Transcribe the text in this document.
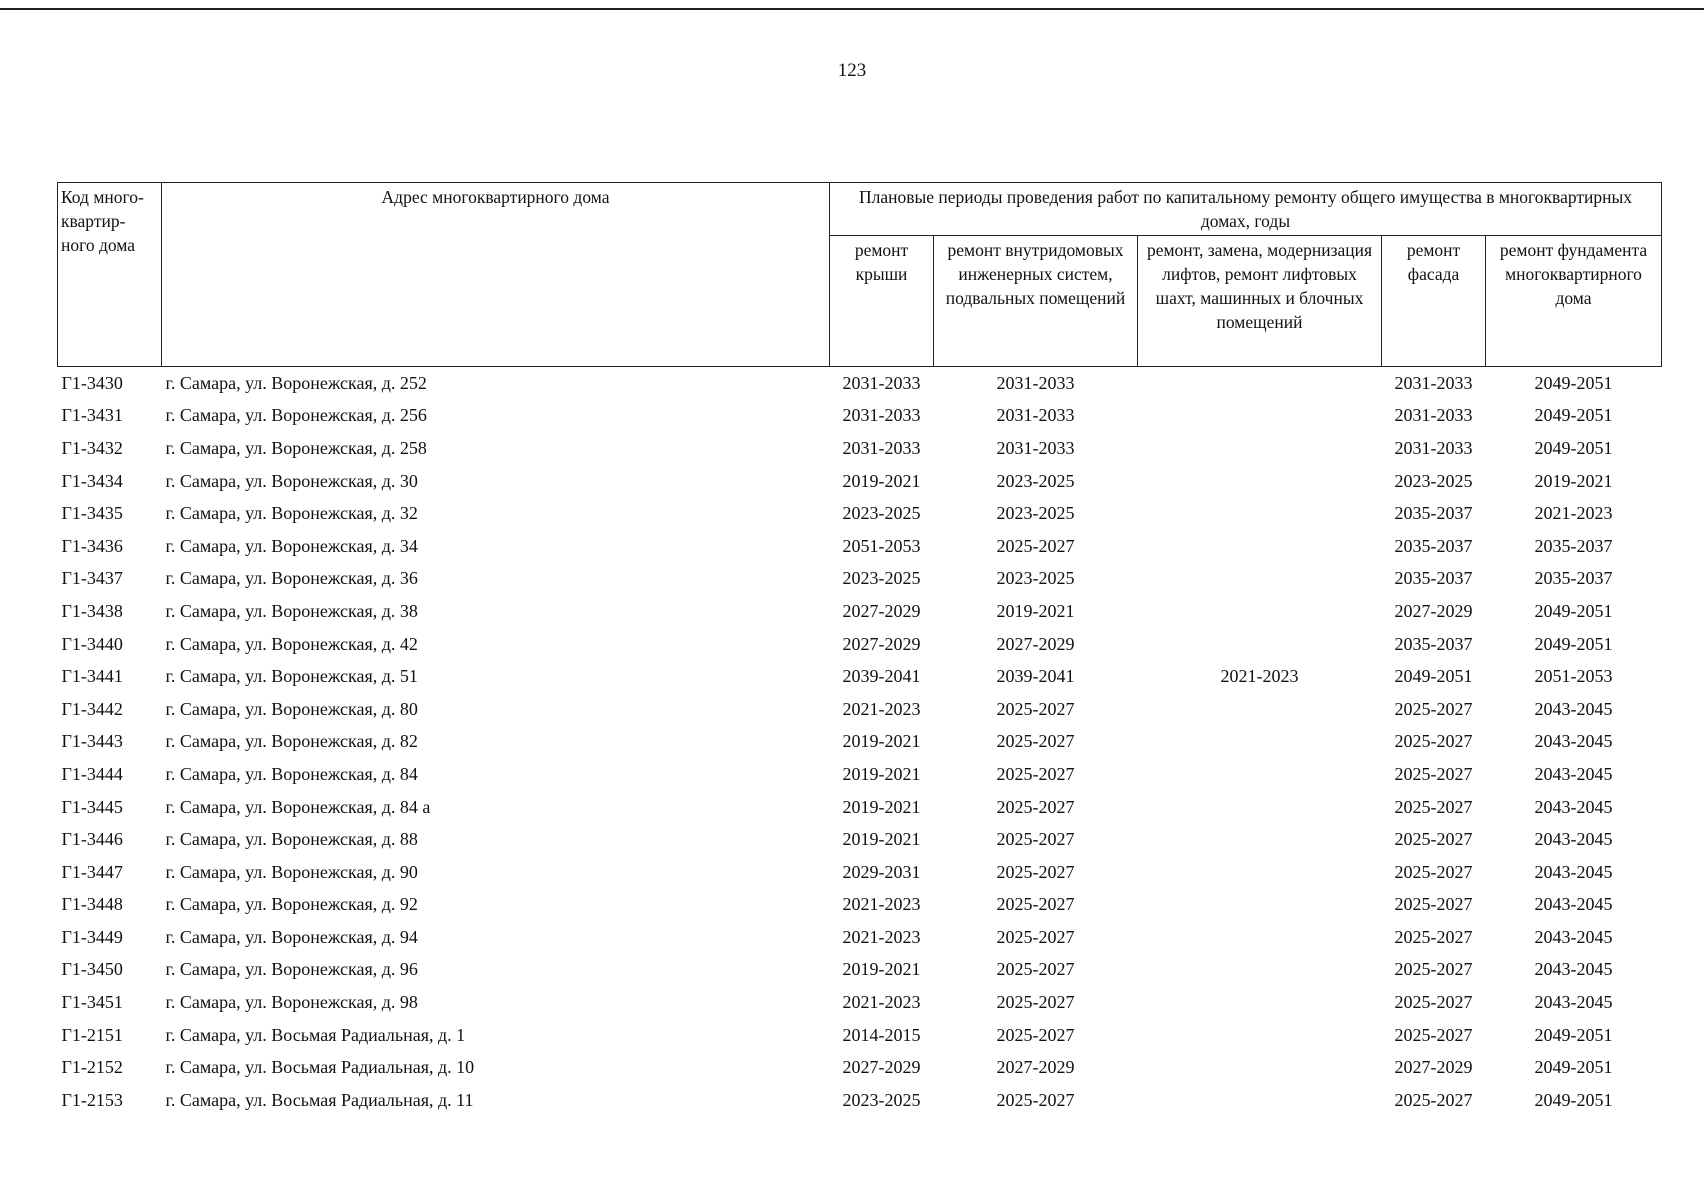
123
Код много-квартир-ного дома	Адрес многоквартирного дома	Плановые периоды проведения работ по капитальному ремонту общего имущества в многоквартирных домах, годы				
		ремонт крыши	ремонт внутридомовых инженерных систем, подвальных помещений	ремонт, замена, модернизация лифтов, ремонт лифтовых шахт, машинных и блочных помещений	ремонт фасада	ремонт фундамента многоквартирного дома
Г1-3430	г. Самара, ул. Воронежская, д. 252	2031-2033	2031-2033		2031-2033	2049-2051
Г1-3431	г. Самара, ул. Воронежская, д. 256	2031-2033	2031-2033		2031-2033	2049-2051
Г1-3432	г. Самара, ул. Воронежская, д. 258	2031-2033	2031-2033		2031-2033	2049-2051
Г1-3434	г. Самара, ул. Воронежская, д. 30	2019-2021	2023-2025		2023-2025	2019-2021
Г1-3435	г. Самара, ул. Воронежская, д. 32	2023-2025	2023-2025		2035-2037	2021-2023
Г1-3436	г. Самара, ул. Воронежская, д. 34	2051-2053	2025-2027		2035-2037	2035-2037
Г1-3437	г. Самара, ул. Воронежская, д. 36	2023-2025	2023-2025		2035-2037	2035-2037
Г1-3438	г. Самара, ул. Воронежская, д. 38	2027-2029	2019-2021		2027-2029	2049-2051
Г1-3440	г. Самара, ул. Воронежская, д. 42	2027-2029	2027-2029		2035-2037	2049-2051
Г1-3441	г. Самара, ул. Воронежская, д. 51	2039-2041	2039-2041	2021-2023	2049-2051	2051-2053
Г1-3442	г. Самара, ул. Воронежская, д. 80	2021-2023	2025-2027		2025-2027	2043-2045
Г1-3443	г. Самара, ул. Воронежская, д. 82	2019-2021	2025-2027		2025-2027	2043-2045
Г1-3444	г. Самара, ул. Воронежская, д. 84	2019-2021	2025-2027		2025-2027	2043-2045
Г1-3445	г. Самара, ул. Воронежская, д. 84 а	2019-2021	2025-2027		2025-2027	2043-2045
Г1-3446	г. Самара, ул. Воронежская, д. 88	2019-2021	2025-2027		2025-2027	2043-2045
Г1-3447	г. Самара, ул. Воронежская, д. 90	2029-2031	2025-2027		2025-2027	2043-2045
Г1-3448	г. Самара, ул. Воронежская, д. 92	2021-2023	2025-2027		2025-2027	2043-2045
Г1-3449	г. Самара, ул. Воронежская, д. 94	2021-2023	2025-2027		2025-2027	2043-2045
Г1-3450	г. Самара, ул. Воронежская, д. 96	2019-2021	2025-2027		2025-2027	2043-2045
Г1-3451	г. Самара, ул. Воронежская, д. 98	2021-2023	2025-2027		2025-2027	2043-2045
Г1-2151	г. Самара, ул. Восьмая Радиальная, д. 1	2014-2015	2025-2027		2025-2027	2049-2051
Г1-2152	г. Самара, ул. Восьмая Радиальная, д. 10	2027-2029	2027-2029		2027-2029	2049-2051
Г1-2153	г. Самара, ул. Восьмая Радиальная, д. 11	2023-2025	2025-2027		2025-2027	2049-2051
